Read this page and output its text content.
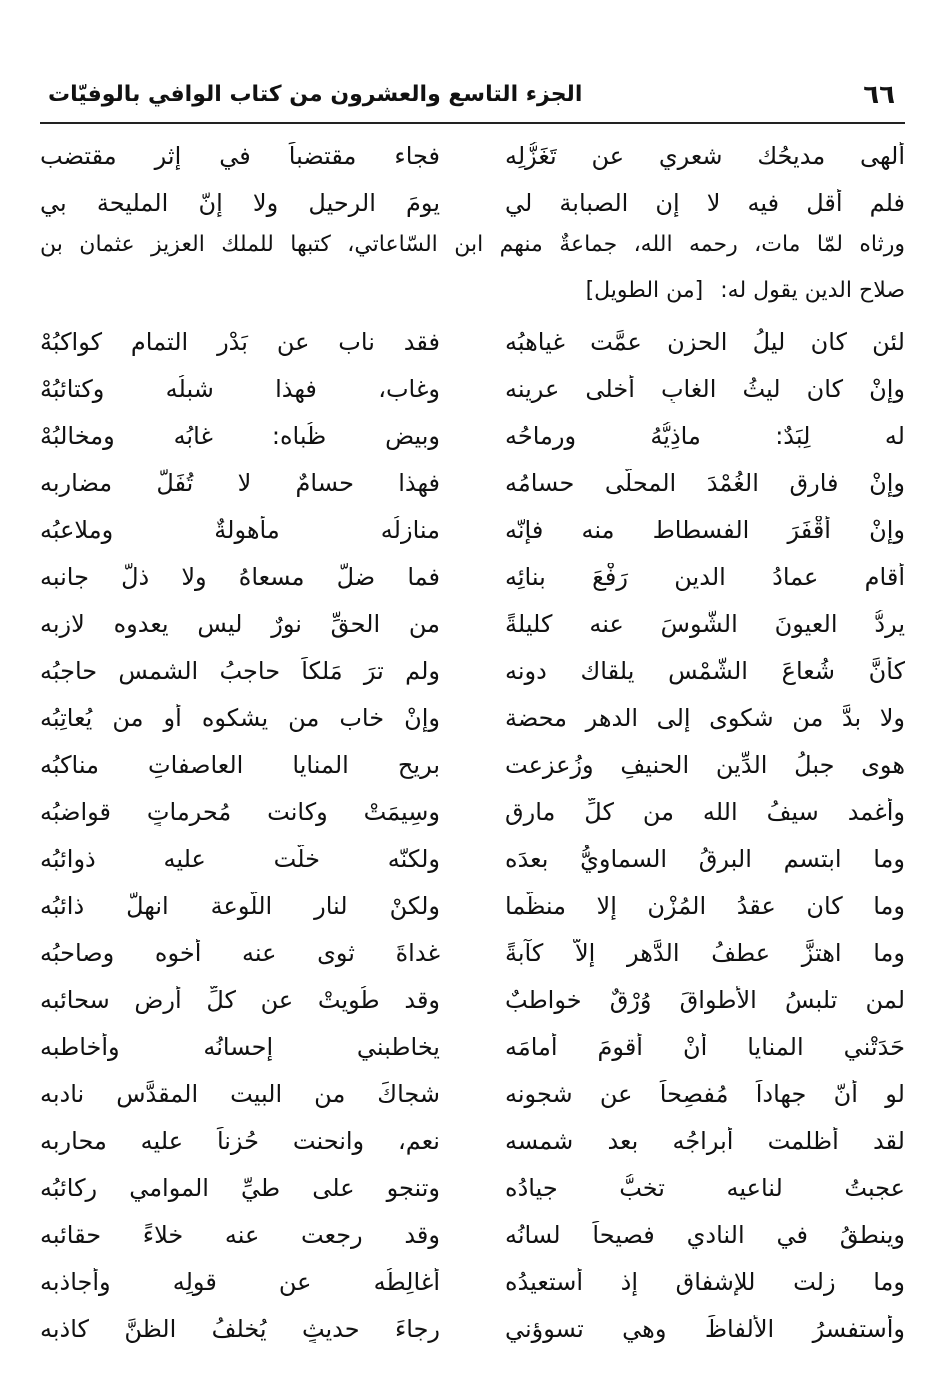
٦٦
الجزء التاسع والعشرون من كتاب الوافي بالوفيّات
ألهى مديحُك شعري عن تَغَزُّلِه
فجاء مقتضباً في إثر مقتضب
فلم أقل فيه لا إن الصبابة لي
يومَ الرحيل ولا إنّ المليحة بي
ورثاه لمّا مات، رحمه الله، جماعةٌ منهم ابن السّاعاتي، كتبها للملك العزيز عثمان بن
صلاح الدين يقول له: [من الطويل]
لئن كان ليلُ الحزنِ عمَّت غياهبُه
فقد ناب عن بَدْرِ التمام كواكبُهْ
وإنْ كان ليثُ الغابِ أخلى عرينه
وغاب، فهذا شبلُه وكتائبُهْ
له لِبَدٌ: ماذِيُّهُ ورماحُه
وبيض ظُباه: غابُه ومخالبُهْ
وإنْ فارق الغُمْدَ المحلّى حسامُه
فهذا حسامٌ لا تُفَلُّ مضاربه
وإنْ أقْفَرَ الفسطاط منه فإنّه
منازلُه مأهولةٌ وملاعبُه
أقام عمادُ الدين رَفْعَ بنائِه
فما ضلَّ مسعاهُ ولا ذلّ جانبه
يردُّ العيونَ الشُّوسَ عنه كليلةً
من الحقِّ نورٌ ليس يعدوه لازبه
كأنَّ شُعاعَ الشَّمْسِ يلقاك دونه
ولم ترَ مَلكاً حاجبُ الشمس حاجبُه
ولا بدَّ من شكوى إلى الدهر محضة
وإنْ خاب من يشكوه أو من يُعاتِبُه
هوى جبلُ الدِّين الحنيفِ وزُعزعت
بريحِ المنايا العاصفاتِ مناكبُه
وأُغمد سيفُ الله من كلِّ مارقٍ
وسِيمَتْ وكانت مُحرماتٍ قواضبُه
وما ابتسم البرقُ السماويُّ بعدَه
ولكنّه خلّت عليه ذوائبُه
وما كان عقدُ المُزْن إلا منظَّما
ولكنْ لنارِ اللّوعة انهلَّ ذائبُه
وما اهتزَّ عطفُ الدَّهرِ إلاّ كآبةً
غداةَ ثوى عنه أخوه وصاحبُه
لمن تلبسُ الأطواقَ وُرْقٌ خواطبٌ
وقد طُويتْ عن كلِّ أرضٍ سحائبه
حَدَتْني المنايا أنْ أقومَ أمامَه
يخاطبني إحسانُه وأخاطبه
لو أنّ جهاداً مُفصِحاً عن شجونه
شجاكَ من البيت المقدَّس نادبه
لقد أظلمت أبراجُه بعد شمسه
نعم، وانحنت حُزناً عليه محاربه
عجبتُ لناعيه تخبُّ جيادُه
وتنجو على طيِّ الموامي ركائبُه
وينطقُ في النادي فصيحاً لسانُه
وقد رجعت عنه خلاءً حقائبه
وما زلت للإشفاقِ إذ أستعيدُه
أُغالِطُه عن قولِه وأجاذبه
وأستفسرُ الألفاظَ وهي تسوؤني
رجاءَ حديثٍ يُخلفُ الظنَّ كاذبه
